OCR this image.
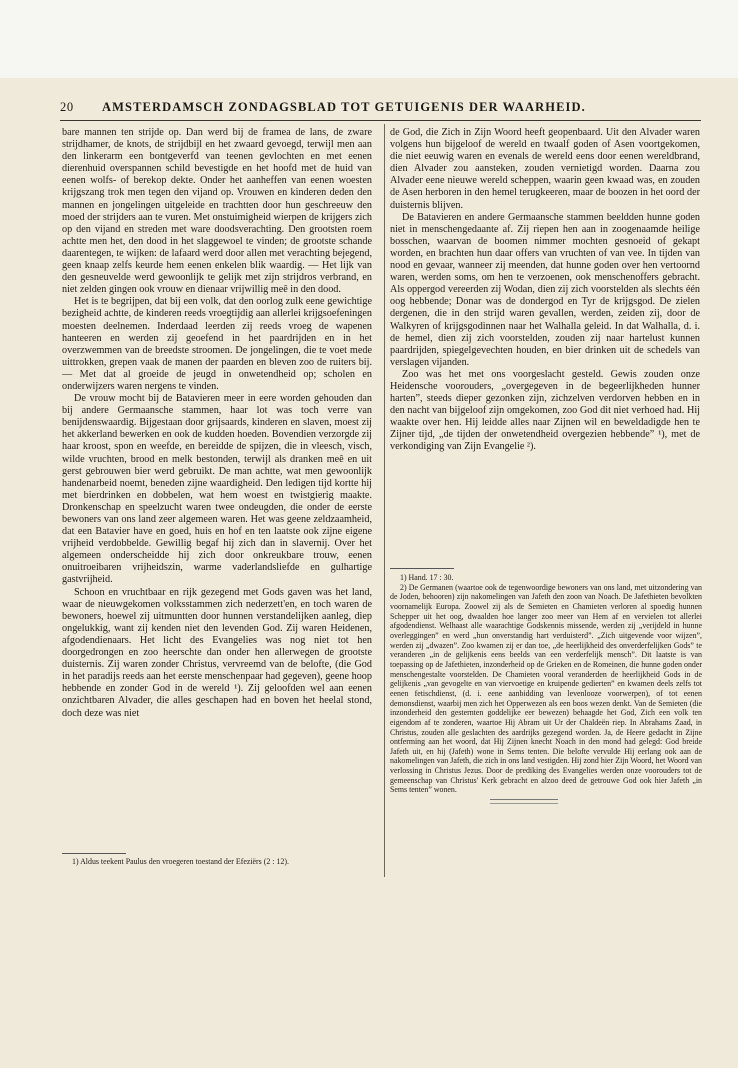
20 AMSTERDAMSCH ZONDAGSBLAD TOT GETUIGENIS DER WAARHEID.

bare mannen ten strijde op. Dan werd bij de framea de lans, de zware strijdhamer, de knots, de strijdbijl en het zwaard gevoegd, terwijl men aan den linkerarm een bontgeverfd van teenen gevlochten en met eenen dierenhuid overspannen schild bevestigde en het hoofd met de huid van eenen wolfs- of berekop dekte. Onder het aanheffen van eenen woesten krijgszang trok men tegen den vijand op. Vrouwen en kinderen deden den mannen en jongelingen uitgeleide en trachtten door hun geschreeuw den moed der strijders aan te vuren. Met onstuimigheid wierpen de krijgers zich op den vijand en streden met ware doodsverachting. Den grootsten roem achtte men het, den dood in het slaggewoel te vinden; de grootste schande daarentegen, te wijken: de lafaard werd door allen met verachting bejegend, geen knaap zelfs keurde hem eenen enkelen blik waardig. — Het lijk van den gesneuvelde werd gewoonlijk te gelijk met zijn strijdros verbrand, en niet zelden gingen ook vrouw en dienaar vrijwillig meê in den dood.

Het is te begrijpen, dat bij een volk, dat den oorlog zulk eene gewichtige bezigheid achtte, de kinderen reeds vroegtijdig aan allerlei krijgsoefeningen moesten deelnemen. Inderdaad leerden zij reeds vroeg de wapenen hanteeren en werden zij geoefend in het paardrijden en in het overzwemmen van de breedste stroomen. De jongelingen, die te voet mede uittrokken, grepen vaak de manen der paarden en bleven zoo de ruiters bij. — Met dat al groeide de jeugd in onwetendheid op; scholen en onderwijzers waren nergens te vinden.

De vrouw mocht bij de Batavieren meer in eere worden gehouden dan bij andere Germaansche stammen, haar lot was toch verre van benijdenswaardig. Bijgestaan door grijsaards, kinderen en slaven, moest zij het akkerland bewerken en ook de kudden hoeden. Bovendien verzorgde zij haar kroost, spon en weefde, en bereidde de spijzen, die in vleesch, visch, wilde vruchten, brood en melk bestonden, terwijl als dranken meê en uit gerst gebrouwen bier werd gebruikt. De man achtte, wat men gewoonlijk handenarbeid noemt, beneden zijne waardigheid. Den ledigen tijd kortte hij met bierdrinken en dobbelen, wat hem woest en twistgierig maakte. Dronkenschap en speelzucht waren twee ondeugden, die onder de eerste bewoners van ons land zeer algemeen waren. Het was geene zeldzaamheid, dat een Batavier have en goed, huis en hof en ten laatste ook zijne eigene vrijheid verdobbelde. Gewillig begaf hij zich dan in slavernij. Over het algemeen onderscheidde hij zich door onkreukbare trouw, eenen onuitroeibaren vrijheidszin, warme vaderlandsliefde en gulhartige gastvrijheid.

Schoon en vruchtbaar en rijk gezegend met Gods gaven was het land, waar de nieuwgekomen volksstammen zich nederzett'en, en toch waren de bewoners, hoewel zij uitmuntten door hunnen verstandelijken aanleg, diep ongelukkig, want zij kenden niet den levenden God. Zij waren Heidenen, afgodendienaars. Het licht des Evangelies was nog niet tot hen doorgedrongen en zoo heerschte dan onder hen allerwegen de grootste duisternis. Zij waren zonder Christus, vervreemd van de belofte, (die God in het paradijs reeds aan het eerste menschenpaar had gegeven), geene hoop hebbende en zonder God in de wereld ¹). Zij geloofden wel aan eenen onzichtbaren Alvader, die alles geschapen had en boven het heelal stond, doch deze was niet

1) Aldus teekent Paulus den vroegeren toestand der Efeziërs (2 : 12).

de God, die Zich in Zijn Woord heeft geopenbaard. Uit den Alvader waren volgens hun bijgeloof de wereld en twaalf goden of Asen voortgekomen, die niet eeuwig waren en evenals de wereld eens door eenen wereldbrand, dien Alvader zou aansteken, zouden vernietigd worden. Daarna zou Alvader eene nieuwe wereld scheppen, waarin geen kwaad was, en zouden de Asen herboren in den hemel terugkeeren, maar de boozen in het oord der duisternis blijven.

De Batavieren en andere Germaansche stammen beeldden hunne goden niet in menschengedaante af. Zij riepen hen aan in zoogenaamde heilige bosschen, waarvan de boomen nimmer mochten gesnoeid of gekapt worden, en brachten hun daar offers van vruchten of van vee. In tijden van nood en gevaar, wanneer zij meenden, dat hunne goden over hen vertoornd waren, werden soms, om hen te verzoenen, ook menschenoffers gebracht. Als oppergod vereerden zij Wodan, dien zij zich voorstelden als slechts één oog hebbende; Donar was de dondergod en Tyr de krijgsgod. De zielen dergenen, die in den strijd waren gevallen, werden, zeiden zij, door de Walkyren of krijgsgodinnen naar het Walhalla geleid. In dat Walhalla, d. i. de hemel, dien zij zich voorstelden, zouden zij naar hartelust kunnen paardrijden, spiegelgevechten houden, en bier drinken uit de schedels van verslagen vijanden.

Zoo was het met ons voorgeslacht gesteld. Gewis zouden onze Heidensche voorouders, „overgegeven in de begeerlijkheden hunner harten”, steeds dieper gezonken zijn, zichzelven verdorven hebben en in den nacht van bijgeloof zijn omgekomen, zoo God dit niet verhoed had. Hij waakte over hen. Hij leidde alles naar Zijnen wil en beweldadigde hen te Zijner tijd, „de tijden der onwetendheid overgezien hebbende” ¹), met de verkondiging van Zijn Evangelie ²).

1) Hand. 17 : 30.

2) De Germanen (waartoe ook de tegenwoordige bewoners van ons land, met uitzondering van de Joden, behooren) zijn nakomelingen van Jafeth den zoon van Noach. De Jafethieten bevolkten voornamelijk Europa. Zoowel zij als de Semieten en Chamieten verloren al spoedig hunnen Schepper uit het oog, dwaalden hoe langer zoo meer van Hem af en vervielen tot allerlei afgodendienst. Welhaast alle waarachtige Godskennis missende, werden zij „verijdeld in hunne overleggingen” en werd „hun onverstandig hart verduisterd”. „Zich uitgevende voor wijzen”, werden zij „dwazen”. Zoo kwamen zij er dan toe, „de heerlijkheid des onverderfelijken Gods” te veranderen „in de gelijkenis eens beelds van een verderfelijk mensch”. Dit laatste is van toepassing op de Jafethieten, inzonderheid op de Grieken en de Romeinen, die hunne goden onder menschengestalte voorstelden. De Chamieten vooral veranderden de heerlijkheid Gods in de gelijkenis „van gevogelte en van viervoetige en kruipende gedierten” en kwamen deels zelfs tot eenen fetischdienst, (d. i. eene aanbidding van levenlooze voorwerpen), of tot eenen demonsdienst, waarbij men zich het Opperwezen als een boos wezen denkt. Van de Semieten (die inzonderheid den gesternten goddelijke eer bewezen) behaagde het God, Zich een volk ten eigendom af te zonderen, waartoe Hij Abram uit Ur der Chaldeën riep. In Abrahams Zaad, in Christus, zouden alle geslachten des aardrijks gezegend worden. Ja, de Heere gedacht in Zijne ontferming aan het woord, dat Hij Zijnen knecht Noach in den mond had gelegd: God breide Jafeth uit, en hij (Jafeth) wone in Sems tenten. Die belofte vervulde Hij eerlang ook aan de nakomelingen van Jafeth, die zich in ons land vestigden. Hij zond hier Zijn Woord, het Woord van verlossing in Christus Jezus. Door de prediking des Evangelies werden onze voorouders tot de gemeenschap van Christus' Kerk gebracht en alzoo deed de getrouwe God ook hier Jafeth „in Sems tenten” wonen.
